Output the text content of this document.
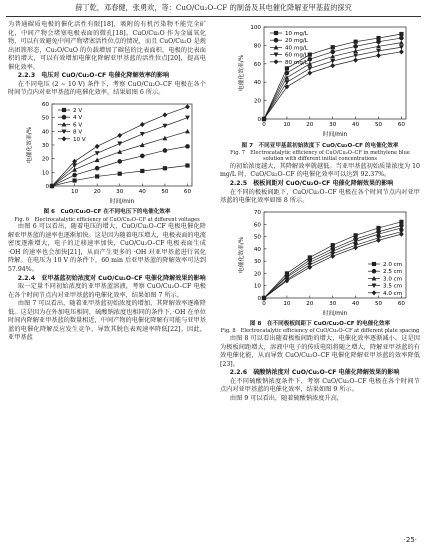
薛丁乾，邓春健，张勇欢，等：CuO/Cu₂O–CF 的制备及其电催化降解亚甲基蓝的探究

为普通碳质电极的催化活性有限[18]，吸附的有机污染物不能完全矿化，中间产物会堵塞电极表面的微孔[18]。CuO/Cu₂O 作为金属氧化物，可以有效避免中间产物堵塞活性位点的情况，而且 CuO/Cu₂O 是规出团簇形态，Cu₂O/CuO 的负载增加了碳毡的比表面积，电极的比表面积的增大，可以有效增加电催化降解亚甲基蓝的活性位点[20]，提高电催化效率。

2.2.3　电压对 CuO/Cu₂O–CF 电催化降解效率的影响

在不同电压 (2 ~ 10 V) 条件下，考察 CuO/Cu₂O–CF 电极在各个时间节点内对亚甲基蓝的电催化效率，结果如图 6 所示。

10	20	30	40	50	60
0
10
20
30
40
50
60
时间/min
电催化效率/%
2 V
4 V
6 V
8 V
10 V
图 6　CuO/Cu₂O–CF 在不同电压下的电催化效率
Fig. 6　Electrocatalytic efficiency of CuO/Cu₂O–CF at different voltages

由图 6 可以看出，随着电压的增大，CuO/Cu₂O–CF 电极电催化降解亚甲基蓝的速率也逐渐加快。这是因为随着电压增大，电极表面的电流密度逐渐增大，电子的迁移速率加快，CuO/Cu₂O–CF 电极表面生成 ·OH 的速率也会加快[21]，从而产生更多的 ·OH 对亚甲基蓝进行氧化降解。在电压为 10 V 的条件下，60 min 后亚甲基蓝的降解效率可达到 57.94%。

2.2.4　亚甲基蓝初始浓度对 CuO/Cu₂O–CF 电催化降解效果的影响

取一定量不同初始浓度的亚甲基蓝溶液，考察 CuO/Cu₂O–CF 电极在各个时间节点内对亚甲基蓝的电催化效率，结果如图 7 所示。

由图 7 可以看出，随着亚甲基蓝初始浓度的增加，其降解效率逐渐降低。这是因为在外加电压相同，硫酸钠浓度也相同的条件下，·OH 在单位时间内降解亚甲基蓝的数量相近，中间产物的电催化降解有可能与亚甲基蓝的电催化降解反应发生竞争，导致其脱色表观速率降低[22]。因此，亚甲基蓝

0	10	20	30	40	50	60
0
20
40
60
80
100
时间/min
电催化效率/%
10 mg/L
20 mg/L
40 mg/L
60 mg/L
80 mg/L
图 7　不同亚甲基蓝初始浓度下 CuO/Cu₂O–CF 的电催化效率
Fig. 7　Electrocatalytic efficiency of CuO/Cu₂O–CF in methylene blue solution with different initial concentrations

的初始浓度越大，其降解效率就越低。当亚甲基蓝初始质量浓度为 10 mg/L 时，CuO/Cu₂O–CF 的电催化效率可以达到 92.37%。

2.2.5　极板间距对 CuO/Cu₂O–CF 电催化降解效果的影响

在不同的极板间距下，CuO/Cu₂O–CF 电极在各个时间节点内对亚甲基蓝的电催化效率如图 8 所示。

0	10	20	30	40	50	60
0
10
20
30
40
50
60
70
时间/min
电催化效率/%	2.0 cm
2.5 cm
3.0 cm
3.5 cm
4.0 cm
图 8　在不同极板间距下 CuO/Cu₂O–CF 的电催化效率
Fig. 8　Electrocatalytic efficiency of CuO/Cu₂O–CF at different plate spacing

由图 8 可以看出随着极板间距的增大，电催化效率逐渐减小。这是因为极板间距增大，溶液中电子的传质电阻将随之增大，降解亚甲基蓝的有效电催化能，从而导致 CuO/Cu₂O–CF 电催化降解亚甲基蓝的效率降低[23]。

2.2.6　硫酸钠浓度对 CuO/Cu₂O–CF 电催化降解效果的影响

在不同硫酸钠浓度条件下，考察 CuO/Cu₂O–CF 电极在各个时间节点内对亚甲基蓝的电催化效率，结果如图 9 所示。

由图 9 可以看出，随着硫酸钠浓度升高，

·25·
